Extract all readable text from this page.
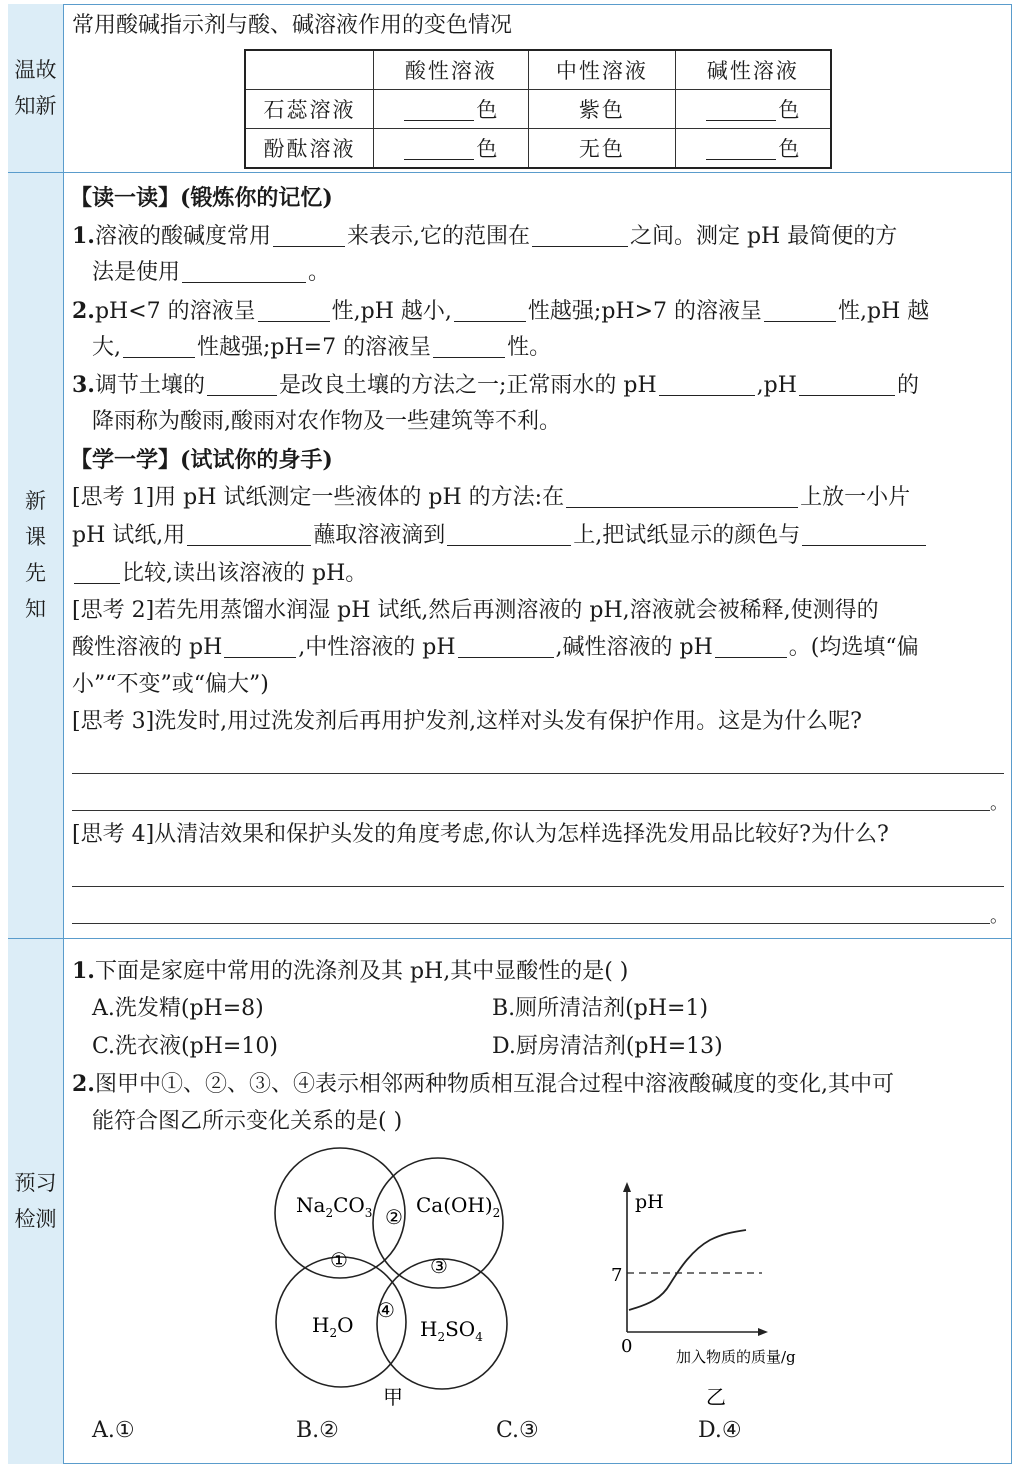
温故
知新
新
课
先
知
预习
检测
常用酸碱指示剂与酸、碱溶液作用的变色情况
	酸性溶液	中性溶液	碱性溶液
石蕊溶液	色	紫色	色
酚酞溶液	色	无色	色
【读一读】(锻炼你的记忆)
1.溶液的酸碱度常用	来表示,它的范围在	之间。测定 pH 最简便的方
法是使用	。
2.pH<7 的溶液呈	性,pH 越小,	性越强;pH>7 的溶液呈	性,pH 越
大,	性越强;pH=7 的溶液呈	性。
3.调节土壤的	是改良土壤的方法之一;正常雨水的 pH	,pH	的
降雨称为酸雨,酸雨对农作物及一些建筑等不利。
【学一学】(试试你的身手)
[思考 1]用 pH 试纸测定一些液体的 pH 的方法:在	上放一小片
pH 试纸,用	蘸取溶液滴到	上,把试纸显示的颜色与
比较,读出该溶液的 pH。
[思考 2]若先用蒸馏水润湿 pH 试纸,然后再测溶液的 pH,溶液就会被稀释,使测得的
酸性溶液的 pH	,中性溶液的 pH	,碱性溶液的 pH	。(均选填“偏
小”“不变”或“偏大”)
[思考 3]洗发时,用过洗发剂后再用护发剂,这样对头发有保护作用。这是为什么呢?
。
[思考 4]从清洁效果和保护头发的角度考虑,你认为怎样选择洗发用品比较好?为什么?
。
1.下面是家庭中常用的洗涤剂及其 pH,其中显酸性的是( )
A.洗发精(pH=8)	B.厕所清洁剂(pH=1)
C.洗衣液(pH=10)	D.厨房清洁剂(pH=13)
2.图甲中①、②、③、④表示相邻两种物质相互混合过程中溶液酸碱度的变化,其中可
能符合图乙所示变化关系的是( )
$Na_2CO_3$ $Ca(OH)_2$
$H_2O$	$H_2SO_4$
②
①	③
④
甲
pH
7
0	加入物质的质量/g
乙
A.①	B.②	C.③	D.④
